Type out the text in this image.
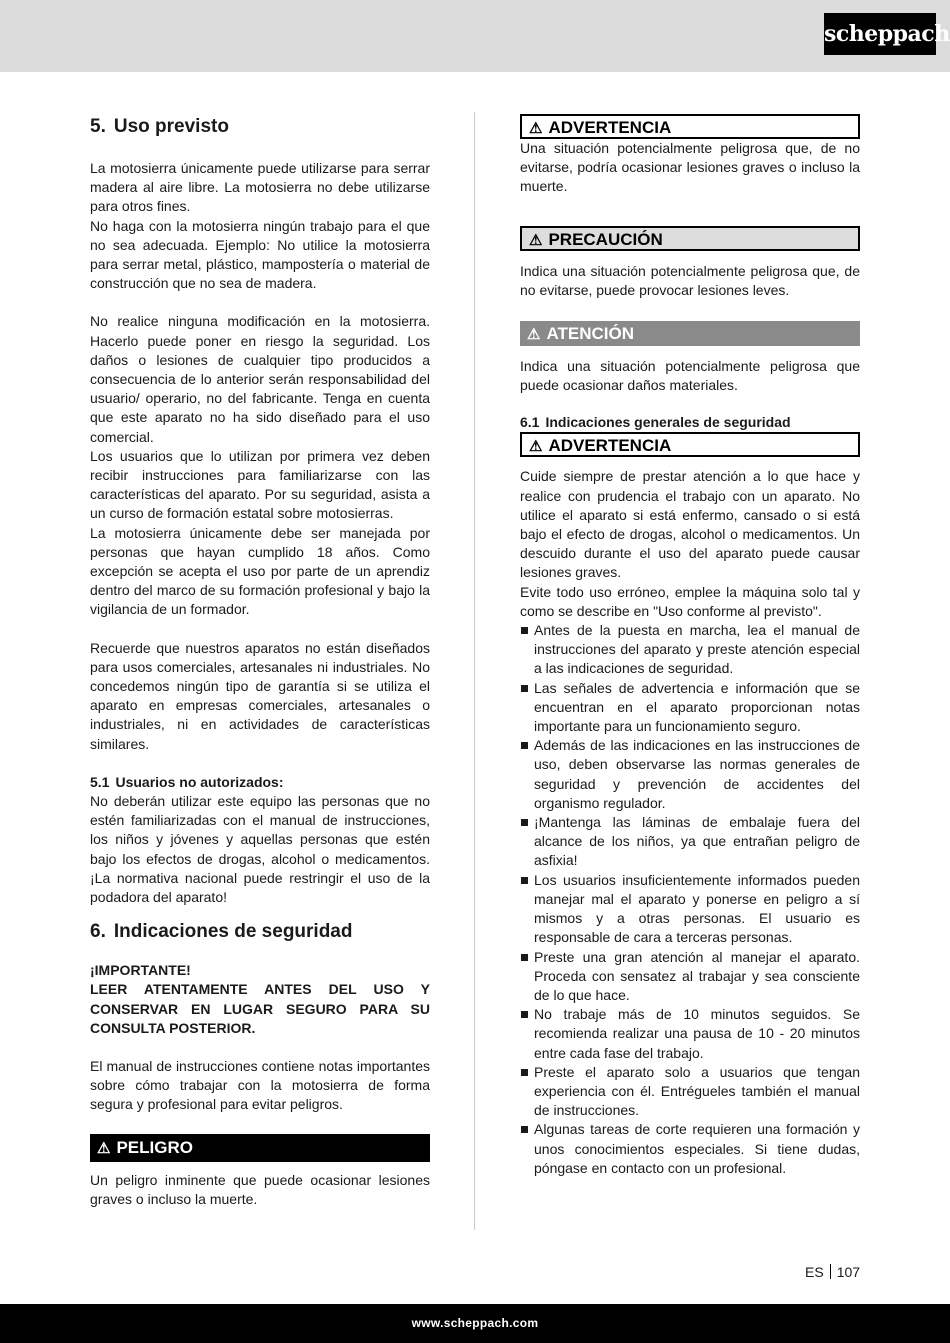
scheppach
5. Uso previsto

La motosierra únicamente puede utilizarse para serrar madera al aire libre. La motosierra no debe utilizarse para otros fines.

No haga con la motosierra ningún trabajo para el que no sea adecuada. Ejemplo: No utilice la motosierra para serrar metal, plástico, mampostería o material de construcción que no sea de madera.

No realice ninguna modificación en la motosierra. Hacerlo puede poner en riesgo la seguridad. Los daños o lesiones de cualquier tipo producidos a consecuencia de lo anterior serán responsabilidad del usuario/ operario, no del fabricante. Tenga en cuenta que este aparato no ha sido diseñado para el uso comercial.

Los usuarios que lo utilizan por primera vez deben recibir instrucciones para familiarizarse con las características del aparato. Por su seguridad, asista a un curso de formación estatal sobre motosierras.

La motosierra únicamente debe ser manejada por personas que hayan cumplido 18 años. Como excepción se acepta el uso por parte de un aprendiz dentro del marco de su formación profesional y bajo la vigilancia de un formador.

Recuerde que nuestros aparatos no están diseñados para usos comerciales, artesanales ni industriales. No concedemos ningún tipo de garantía si se utiliza el aparato en empresas comerciales, artesanales o industriales, ni en actividades de características similares.

5.1 Usuarios no autorizados:

No deberán utilizar este equipo las personas que no estén familiarizadas con el manual de instrucciones, los niños y jóvenes y aquellas personas que estén bajo los efectos de drogas, alcohol o medicamentos. ¡La normativa nacional puede restringir el uso de la podadora del aparato!

6. Indicaciones de seguridad

¡IMPORTANTE!

LEER ATENTAMENTE ANTES DEL USO Y CONSERVAR EN LUGAR SEGURO PARA SU CONSULTA POSTERIOR.

El manual de instrucciones contiene notas importantes sobre cómo trabajar con la motosierra de forma segura y profesional para evitar peligros.

⚠ PELIGRO

Un peligro inminente que puede ocasionar lesiones graves o incluso la muerte.

⚠ ADVERTENCIA

Una situación potencialmente peligrosa que, de no evitarse, podría ocasionar lesiones graves o incluso la muerte.

⚠ PRECAUCIÓN

Indica una situación potencialmente peligrosa que, de no evitarse, puede provocar lesiones leves.

⚠ ATENCIÓN

Indica una situación potencialmente peligrosa que puede ocasionar daños materiales.

6.1 Indicaciones generales de seguridad
⚠ ADVERTENCIA

Cuide siempre de prestar atención a lo que hace y realice con prudencia el trabajo con un aparato. No utilice el aparato si está enfermo, cansado o si está bajo el efecto de drogas, alcohol o medicamentos. Un descuido durante el uso del aparato puede causar lesiones graves.

Evite todo uso erróneo, emplee la máquina solo tal y como se describe en "Uso conforme al previsto".

Antes de la puesta en marcha, lea el manual de instrucciones del aparato y preste atención especial a las indicaciones de seguridad.
Las señales de advertencia e información que se encuentran en el aparato proporcionan notas importante para un funcionamiento seguro.
Además de las indicaciones en las instrucciones de uso, deben observarse las normas generales de seguridad y prevención de accidentes del organismo regulador.
¡Mantenga las láminas de embalaje fuera del alcance de los niños, ya que entrañan peligro de asfixia!
Los usuarios insuficientemente informados pueden manejar mal el aparato y ponerse en peligro a sí mismos y a otras personas. El usuario es responsable de cara a terceras personas.
Preste una gran atención al manejar el aparato. Proceda con sensatez al trabajar y sea consciente de lo que hace.
No trabaje más de 10 minutos seguidos. Se recomienda realizar una pausa de 10 - 20 minutos entre cada fase del trabajo.
Preste el aparato solo a usuarios que tengan experiencia con él. Entrégueles también el manual de instrucciones.
Algunas tareas de corte requieren una formación y unos conocimientos especiales. Si tiene dudas, póngase en contacto con un profesional.
ES 107
www.scheppach.com
